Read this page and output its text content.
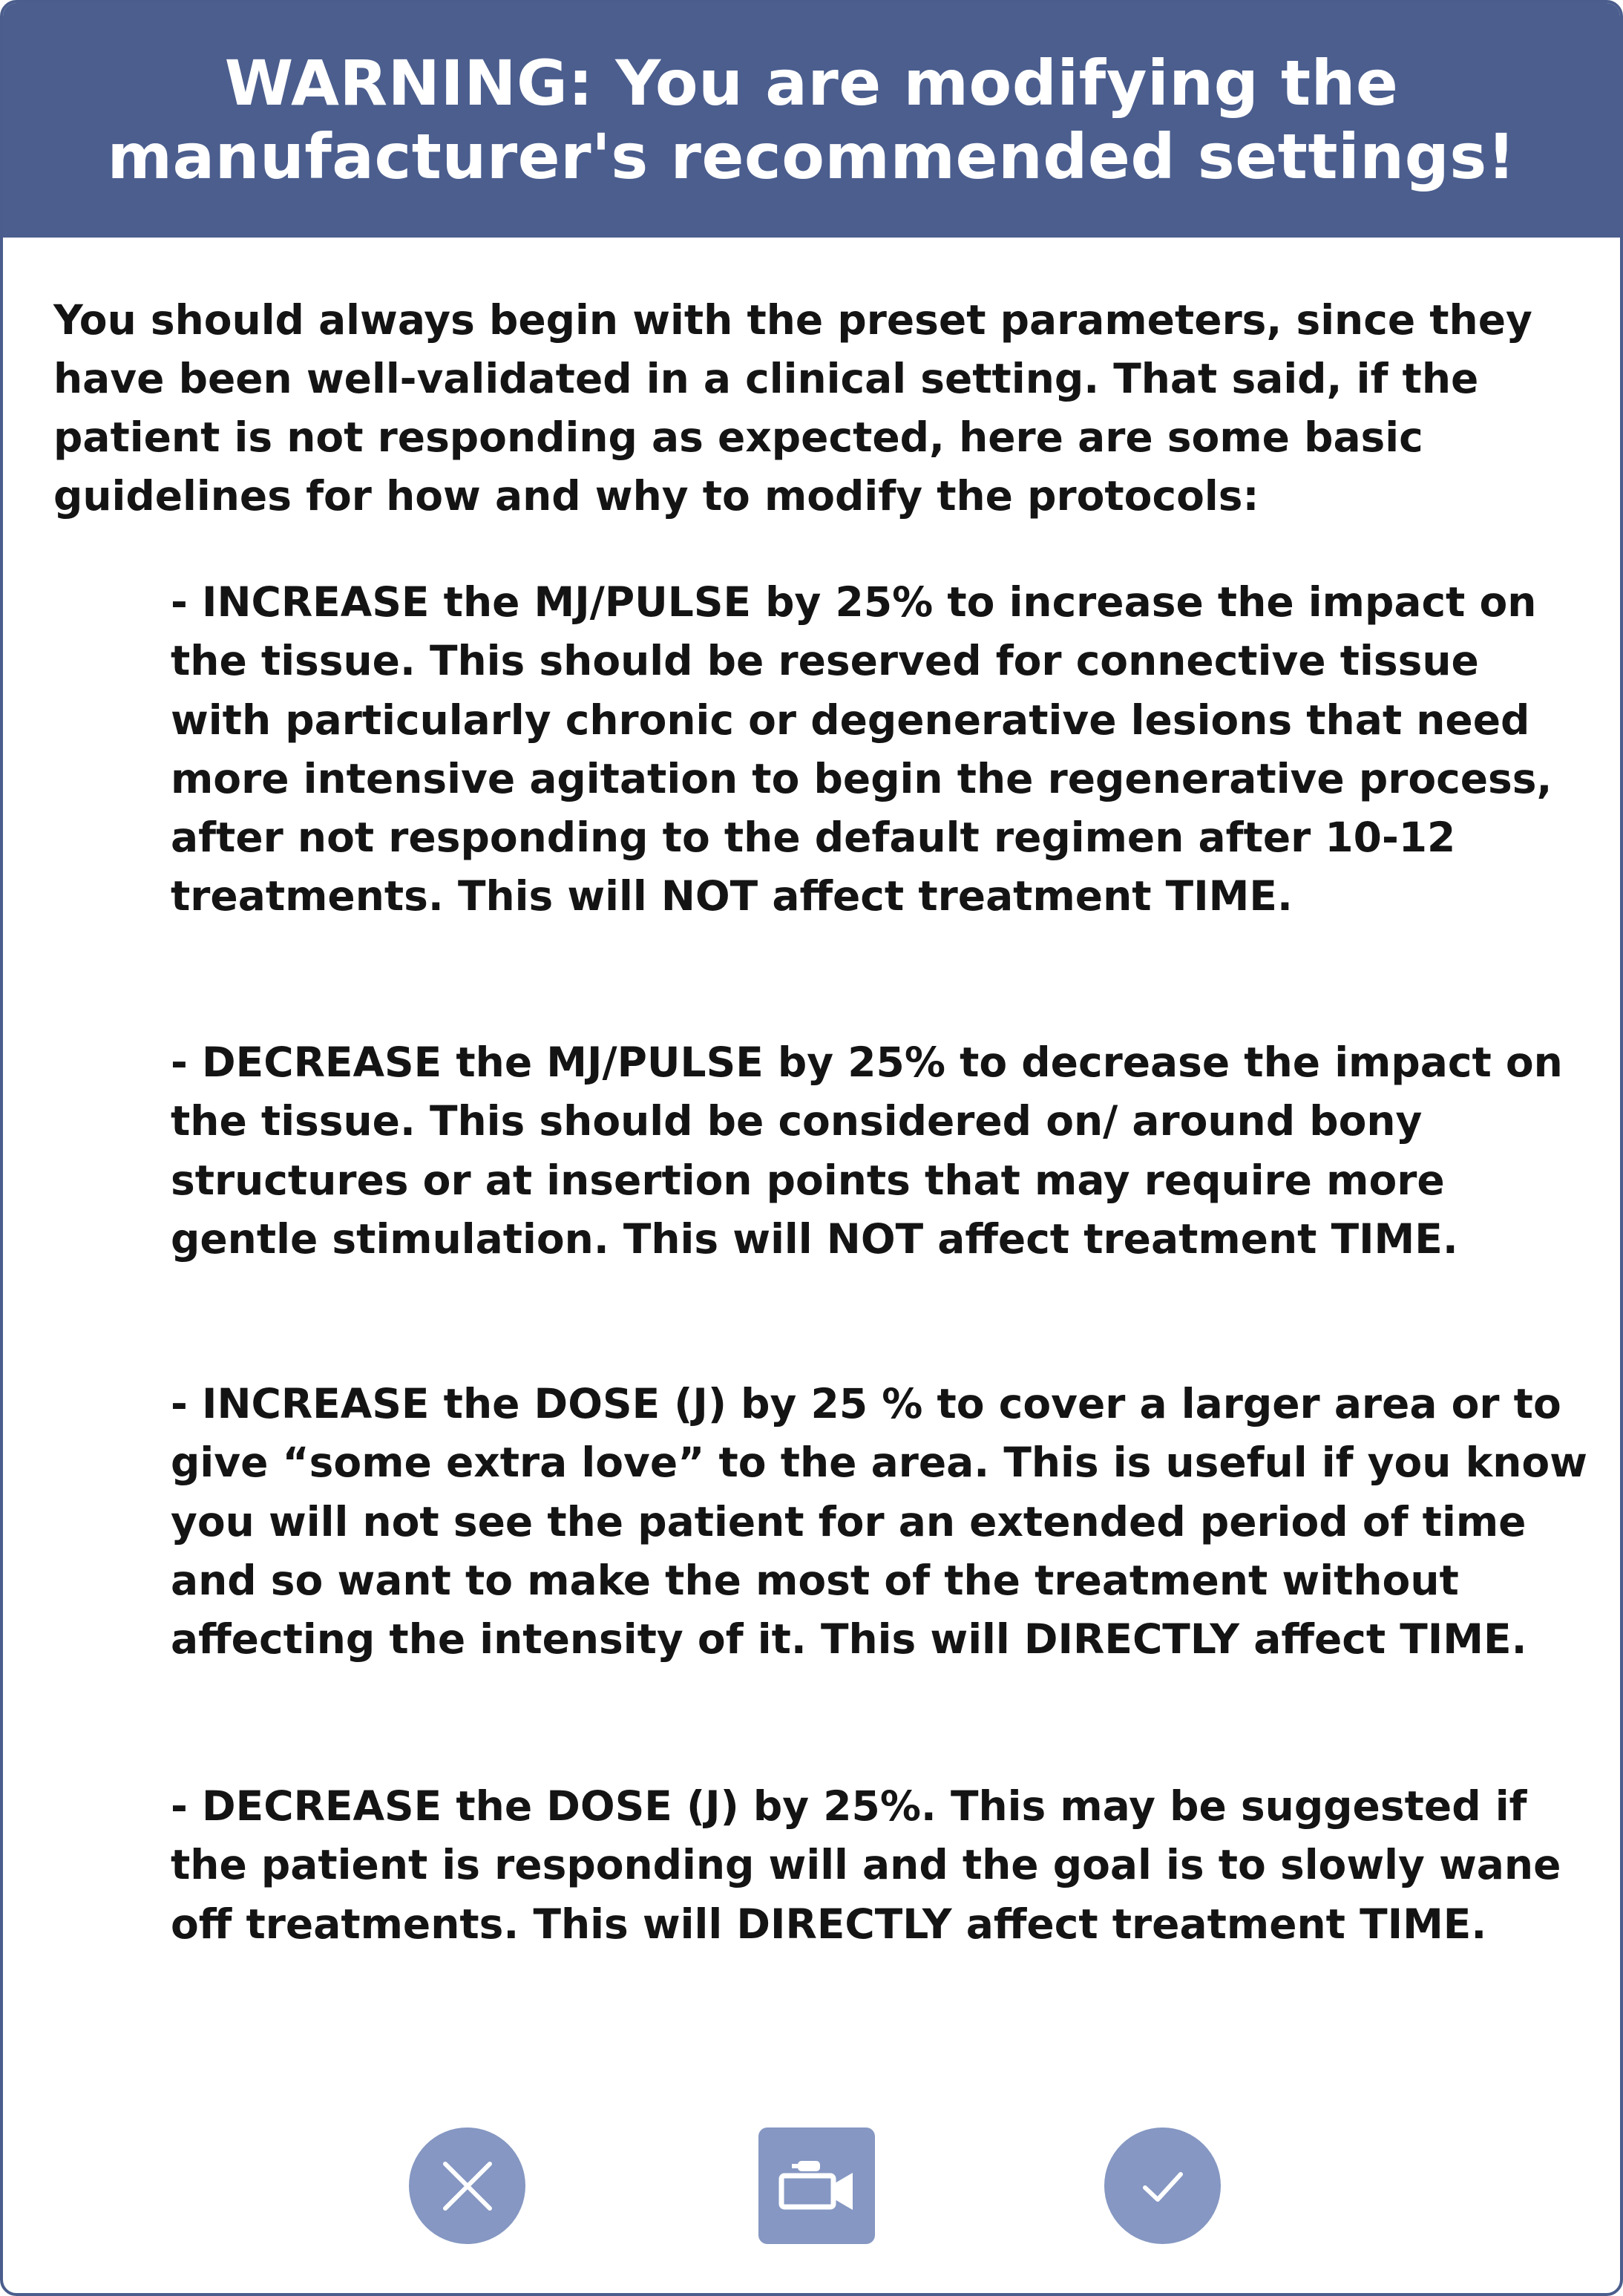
WARNING: You are modifying the manufacturer's recommended settings!
You should always begin with the preset parameters, since they have been well-validated in a clinical setting. That said, if the patient is not responding as expected, here are some basic guidelines for how and why to modify the protocols:
- INCREASE the MJ/PULSE by 25% to increase the impact on the tissue. This should be reserved for connective tissue with particularly chronic or degenerative lesions that need more intensive agitation to begin the regenerative process, after not responding to the default regimen after 10-12 treatments. This will NOT affect treatment TIME.
- DECREASE the MJ/PULSE by 25% to decrease the impact on the tissue. This should be considered on/ around bony structures or at insertion points that may require more gentle stimulation. This will NOT affect treatment TIME.
- INCREASE the DOSE (J) by 25 % to cover a larger area or to give “some extra love” to the area. This is useful if you know you will not see the patient for an extended period of time and so want to make the most of the treatment without affecting the intensity of it. This will DIRECTLY affect TIME.
- DECREASE the DOSE (J) by 25%. This may be suggested if the patient is responding will and the goal is to slowly wane off treatments. This will DIRECTLY affect treatment TIME.
